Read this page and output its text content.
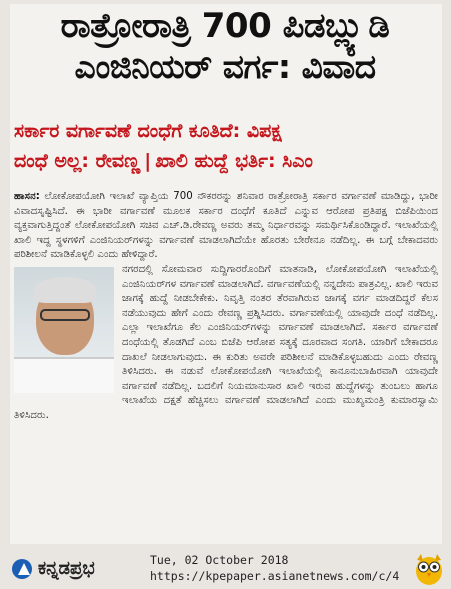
ರಾತ್ರೋರಾತ್ರಿ 700 ಪಿಡಬ್ಲ್ಯುಡಿ
ಎಂಜಿನಿಯರ್ ವರ್ಗ: ವಿವಾದ
ಸರ್ಕಾರ ವರ್ಗಾವಣೆ ದಂಧೆಗೆ ಕೂತಿದೆ: ವಿಪಕ್ಷ
ದಂಧೆ ಅಲ್ಲ: ರೇವಣ್ಣ | ಖಾಲಿ ಹುದ್ದೆ ಭರ್ತಿ: ಸಿಎಂ

ಹಾಸನ: ಲೋಕೋಪಯೋಗಿ ಇಲಾಖೆ ವ್ಯಾಪ್ತಿಯ 700 ನೌಕರರನ್ನು ಶನಿವಾರ ರಾತ್ರೋರಾತ್ರಿ ಸರ್ಕಾರ ವರ್ಗಾವಣೆ ಮಾಡಿದ್ದು, ಭಾರೀ ವಿವಾದಸೃಷ್ಟಿಸಿದೆ. ಈ ಭಾರೀ ವರ್ಗಾವಣೆ ಮೂಲಕ ಸರ್ಕಾರ ದಂಧೆಗೆ ಕೂತಿದೆ ಎನ್ನುವ ಆರೋಪ ಪ್ರತಿಪಕ್ಷ ಬಿಜೆಪಿಯಿಂದ ವ್ಯಕ್ತವಾಗುತ್ತಿದ್ದಂತೆ ಲೋಕೋಪಯೋಗಿ ಸಚಿವ ಎಚ್.ಡಿ.ರೇವಣ್ಣ ಅವರು ತಮ್ಮ ನಿರ್ಧಾರವನ್ನು ಸಮರ್ಥಿಸಿಕೊಂಡಿದ್ದಾರೆ. ಇಲಾಖೆಯಲ್ಲಿ ಖಾಲಿ ಇದ್ದ ಸ್ಥಳಗಳಿಗೆ ಎಂಜಿನಿಯರ್‌ಗಳನ್ನು ವರ್ಗಾವಣೆ ಮಾಡಲಾಗಿದೆಯೇ ಹೊರತು ಬೇರೇನೂ ನಡೆದಿಲ್ಲ. ಈ ಬಗ್ಗೆ ಬೇಕಾದವರು ಪರಿಶೀಲನೆ ಮಾಡಿಕೊಳ್ಳಲಿ ಎಂದು ಹೇಳಿದ್ದಾರೆ.

ನಗರದಲ್ಲಿ ಸೋಮವಾರ ಸುದ್ದಿಗಾರರೊಂದಿಗೆ ಮಾತನಾಡಿ, ಲೋಕೋಪಯೋಗಿ ಇಲಾಖೆಯಲ್ಲಿ ಎಂಜಿನಿಯರ್‌ಗಳ ವರ್ಗಾವಣೆ ಮಾಡಲಾಗಿದೆ. ವರ್ಗಾವಣೆಯಲ್ಲಿ ನನ್ನದೇನು ಪಾತ್ರವಿಲ್ಲ. ಖಾಲಿ ಇರುವ ಜಾಗಕ್ಕೆ ಹುದ್ದೆ ನೀಡಬೇಕೇಕು. ನಿವೃತ್ತಿ ನಂತರ ತೆರವಾಗಿರುವ ಜಾಗಕ್ಕೆ ವರ್ಗ ಮಾಡದಿದ್ದರೆ ಕೆಲಸ ನಡೆಯುವುದು ಹೇಗೆ ಎಂದು ರೇವಣ್ಣ ಪ್ರಶ್ನಿಸಿದರು. ವರ್ಗಾವಣೆಯಲ್ಲಿ ಯಾವುದೇ ದಂಧೆ ನಡೆದಿಲ್ಲ. ಎಲ್ಲಾ ಇಲಾಖೆಗೂ ಕೆಲ ಎಂಜಿನಿಯರ್‌ಗಳನ್ನು ವರ್ಗಾವಣೆ ಮಾಡಲಾಗಿದೆ. ಸರ್ಕಾರ ವರ್ಗಾವಣೆ ದಂಧೆಯಲ್ಲಿ ತೊಡಗಿದೆ ಎಂಬ ಬಿಜೆಪಿ ಆರೋಪ ಸತ್ಯಕ್ಕೆ ದೂರವಾದ ಸಂಗತಿ. ಯಾರಿಗೆ ಬೇಕಾದರೂ ದಾಖಲೆ ನೀಡಲಾಗುವುದು. ಈ ಕುರಿತು ಅವರೇ ಪರಿಶೀಲನೆ ಮಾಡಿಕೊಳ್ಳಬಹುದು ಎಂದು ರೇವಣ್ಣ ತಿಳಿಸಿದರು. ಈ ನಡುವೆ ಲೋಕೋಪಯೋಗಿ ಇಲಾಖೆಯಲ್ಲಿ ಕಾನೂನುಬಾಹಿರವಾಗಿ ಯಾವುದೇ ವರ್ಗಾವಣೆ ನಡೆದಿಲ್ಲ. ಬದಲಿಗೆ ನಿಯಮಾನುಸಾರ ಖಾಲಿ ಇರುವ ಹುದ್ದೆಗಳನ್ನು ತುಂಬಲು ಹಾಗೂ ಇಲಾಖೆಯ ದಕ್ಷತೆ ಹೆಚ್ಚಿಸಲು ವರ್ಗಾವಣೆ ಮಾಡಲಾಗಿದೆ ಎಂದು ಮುಖ್ಯಮಂತ್ರಿ ಕುಮಾರಸ್ವಾಮಿ ತಿಳಿಸಿದರು.

ಕನ್ನಡಪ್ರಭ	Tue, 02 October 2018
https://kpepaper.asianetnews.com/c/4
